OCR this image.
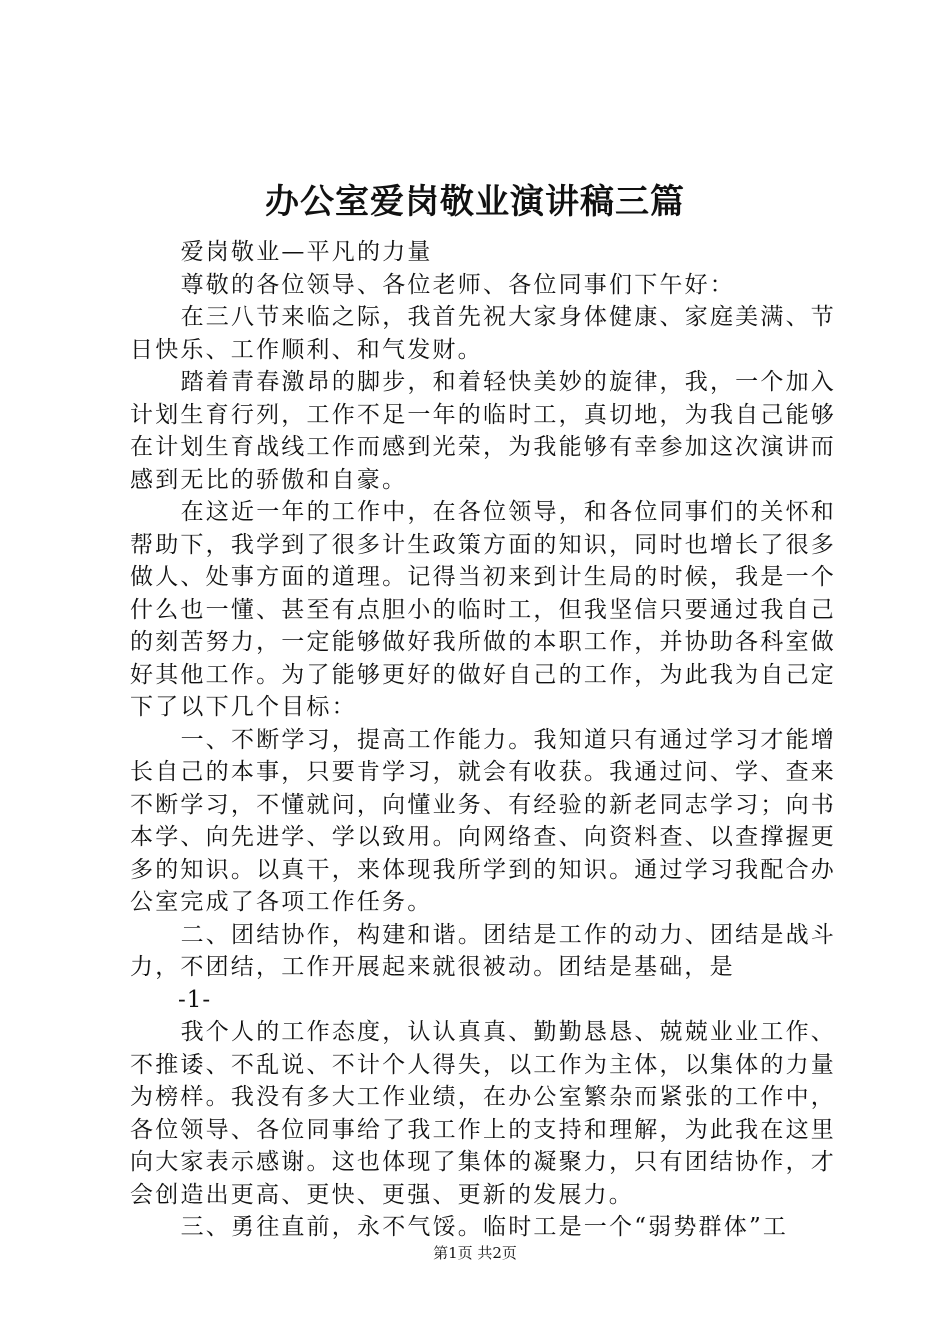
办公室爱岗敬业演讲稿三篇

爱岗敬业—平凡的力量

尊敬的各位领导、各位老师、各位同事们下午好：

在三八节来临之际，我首先祝大家身体健康、家庭美满、节日快乐、工作顺利、和气发财。

踏着青春激昂的脚步，和着轻快美妙的旋律，我，一个加入计划生育行列，工作不足一年的临时工，真切地，为我自己能够在计划生育战线工作而感到光荣，为我能够有幸参加这次演讲而感到无比的骄傲和自豪。

在这近一年的工作中，在各位领导，和各位同事们的关怀和帮助下，我学到了很多计生政策方面的知识，同时也增长了很多做人、处事方面的道理。记得当初来到计生局的时候，我是一个什么也一懂、甚至有点胆小的临时工，但我坚信只要通过我自己的刻苦努力，一定能够做好我所做的本职工作，并协助各科室做好其他工作。为了能够更好的做好自己的工作，为此我为自己定下了以下几个目标：

一、不断学习，提高工作能力。我知道只有通过学习才能增长自己的本事，只要肯学习，就会有收获。我通过问、学、查来不断学习，不懂就问，向懂业务、有经验的新老同志学习；向书本学、向先进学、学以致用。向网络查、向资料查、以查撑握更多的知识。以真干，来体现我所学到的知识。通过学习我配合办公室完成了各项工作任务。

二、团结协作，构建和谐。团结是工作的动力、团结是战斗力，不团结，工作开展起来就很被动。团结是基础，是

-1-

我个人的工作态度，认认真真、勤勤恳恳、兢兢业业工作、不推诿、不乱说、不计个人得失，以工作为主体，以集体的力量为榜样。我没有多大工作业绩，在办公室繁杂而紧张的工作中，各位领导、各位同事给了我工作上的支持和理解，为此我在这里向大家表示感谢。这也体现了集体的凝聚力，只有团结协作，才会创造出更高、更快、更强、更新的发展力。

三、勇往直前，永不气馁。临时工是一个“弱势群体”工

第1页 共2页
